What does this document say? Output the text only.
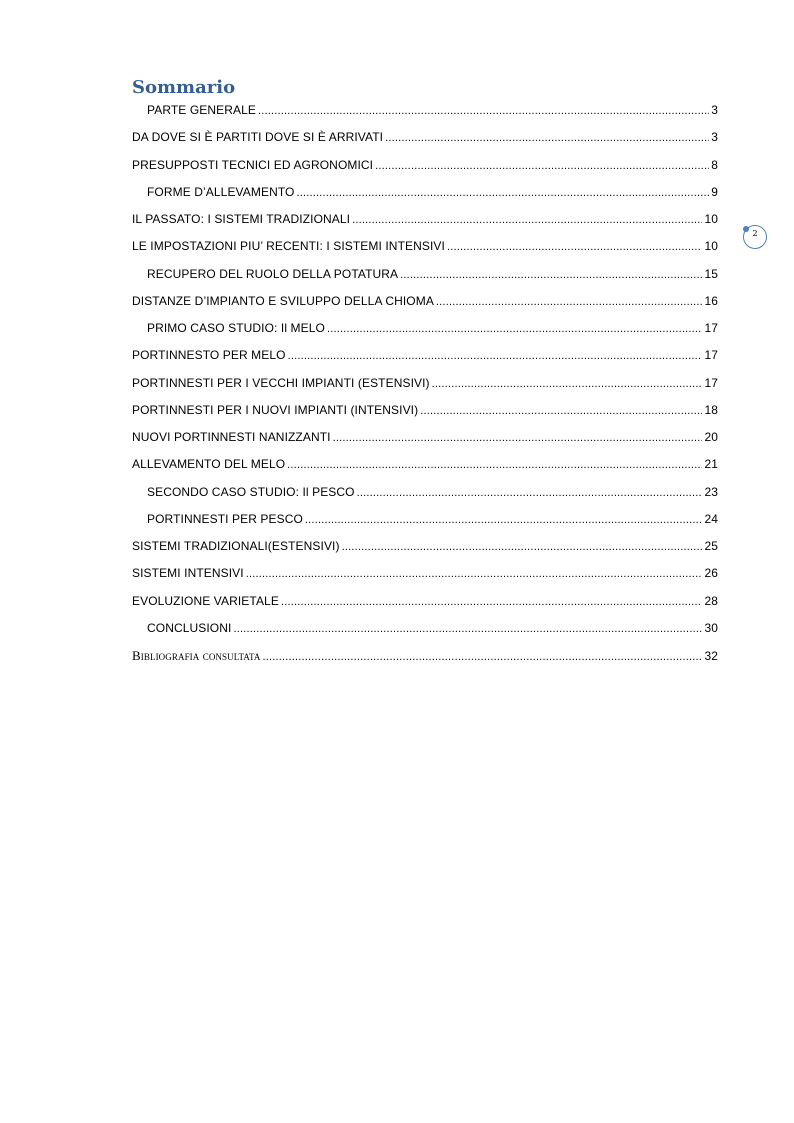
Sommario
PARTE GENERALE .....	3
DA DOVE SI È PARTITI DOVE SI È ARRIVATI .....	3
PRESUPPOSTI TECNICI ED AGRONOMICI .....	8
FORME D’ALLEVAMENTO .....	9
IL PASSATO: I SISTEMI TRADIZIONALI .....	10
LE IMPOSTAZIONI PIU’ RECENTI: I SISTEMI INTENSIVI .....	10
RECUPERO DEL RUOLO DELLA POTATURA .....	15
DISTANZE D’IMPIANTO E SVILUPPO DELLA CHIOMA .....	16
PRIMO CASO STUDIO: Il MELO .....	17
PORTINNESTO PER MELO .....	17
PORTINNESTI PER I VECCHI IMPIANTI (ESTENSIVI) .....	17
PORTINNESTI PER I NUOVI IMPIANTI (INTENSIVI) .....	18
NUOVI PORTINNESTI NANIZZANTI .....	20
ALLEVAMENTO DEL MELO .....	21
SECONDO CASO STUDIO: Il PESCO .....	23
PORTINNESTI PER PESCO .....	24
SISTEMI TRADIZIONALI(ESTENSIVI) .....	25
SISTEMI INTENSIVI .....	26
EVOLUZIONE VARIETALE .....	28
CONCLUSIONI .....	30
Bibliografia consultata .....	32
2
